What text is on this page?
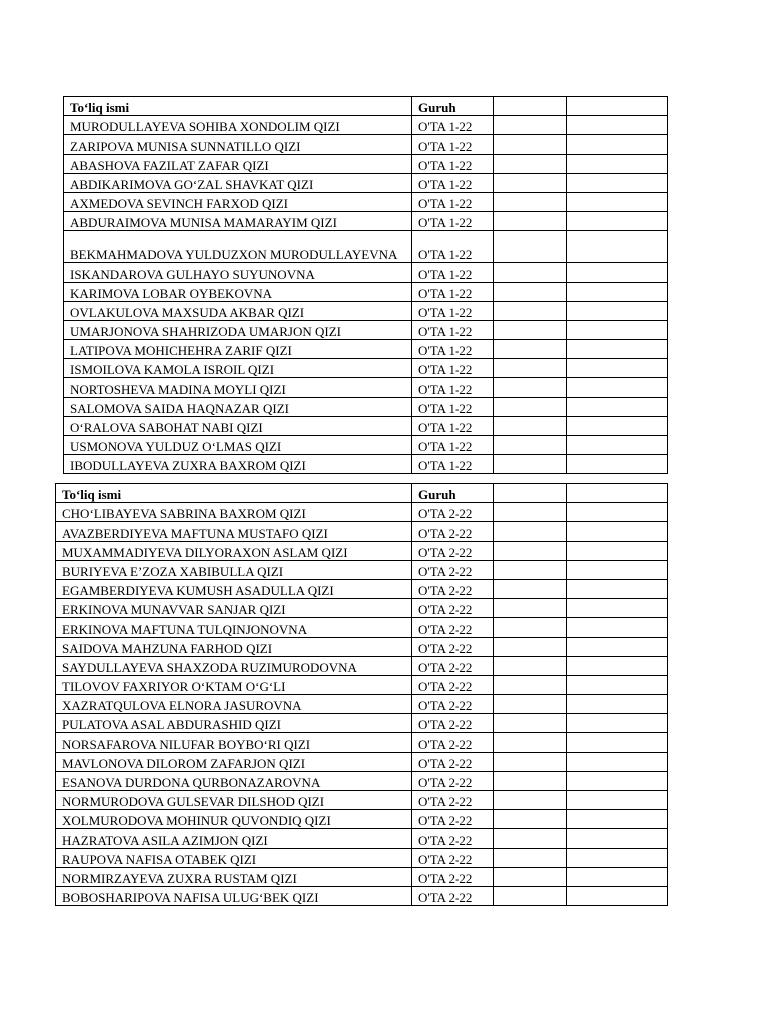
To‘liq ismi	Guruh		
MURODULLAYEVA SOHIBA XONDOLIM QIZI	O'TA 1-22		
ZARIPOVA MUNISA SUNNATILLO QIZI	O'TA 1-22		
ABASHOVA FAZILAT ZAFAR QIZI	O'TA 1-22		
ABDIKARIMOVA GO‘ZAL SHAVKAT QIZI	O'TA 1-22		
AXMEDOVA SEVINCH FARXOD QIZI	O'TA 1-22		
ABDURAIMOVA MUNISA MAMARAYIM QIZI	O'TA 1-22		
BEKMAHMADOVA YULDUZXON MURODULLAYEVNA	O'TA 1-22		
ISKANDAROVA GULHAYO SUYUNOVNA	O'TA 1-22		
KARIMOVA LOBAR OYBEKOVNA	O'TA 1-22		
OVLAKULOVA MAXSUDA AKBAR QIZI	O'TA 1-22		
UMARJONOVA SHAHRIZODA UMARJON QIZI	O'TA 1-22		
LATIPOVA MOHICHEHRA ZARIF QIZI	O'TA 1-22		
ISMOILOVA KAMOLA ISROIL QIZI	O'TA 1-22		
NORTOSHEVA MADINA MOYLI QIZI	O'TA 1-22		
SALOMOVA SAIDA HAQNAZAR QIZI	O'TA 1-22		
O‘RALOVA SABOHAT NABI QIZI	O'TA 1-22		
USMONOVA YULDUZ O‘LMAS QIZI	O'TA 1-22		
IBODULLAYEVA ZUXRA BAXROM QIZI	O'TA 1-22		
To‘liq ismi	Guruh		
CHO‘LIBAYEVA SABRINA BAXROM QIZI	O'TA 2-22		
AVAZBERDIYEVA MAFTUNA MUSTAFO QIZI	O'TA 2-22		
MUXAMMADIYEVA DILYORAXON ASLAM QIZI	O'TA 2-22		
BURIYEVA E’ZOZA XABIBULLA QIZI	O'TA 2-22		
EGAMBERDIYEVA KUMUSH ASADULLA QIZI	O'TA 2-22		
ERKINOVA MUNAVVAR SANJAR QIZI	O'TA 2-22		
ERKINOVA MAFTUNA TULQINJONOVNA	O'TA 2-22		
SAIDOVA MAHZUNA FARHOD QIZI	O'TA 2-22		
SAYDULLAYEVA SHAXZODA RUZIMURODOVNA	O'TA 2-22		
TILOVOV FAXRIYOR O‘KTAM O‘G‘LI	O'TA 2-22		
XAZRATQULOVA ELNORA JASUROVNA	O'TA 2-22		
PULATOVA ASAL ABDURASHID QIZI	O'TA 2-22		
NORSAFAROVA NILUFAR BOYBO‘RI QIZI	O'TA 2-22		
MAVLONOVA DILOROM ZAFARJON QIZI	O'TA 2-22		
ESANOVA DURDONA QURBONAZAROVNA	O'TA 2-22		
NORMURODOVA GULSEVAR DILSHOD QIZI	O'TA 2-22		
XOLMURODOVA MOHINUR QUVONDIQ QIZI	O'TA 2-22		
HAZRATOVA ASILA AZIMJON QIZI	O'TA 2-22		
RAUPOVA NAFISA OTABEK QIZI	O'TA 2-22		
NORMIRZAYEVA ZUXRA RUSTAM QIZI	O'TA 2-22		
BOBOSHARIPOVA NAFISA ULUG‘BEK QIZI	O'TA 2-22		
